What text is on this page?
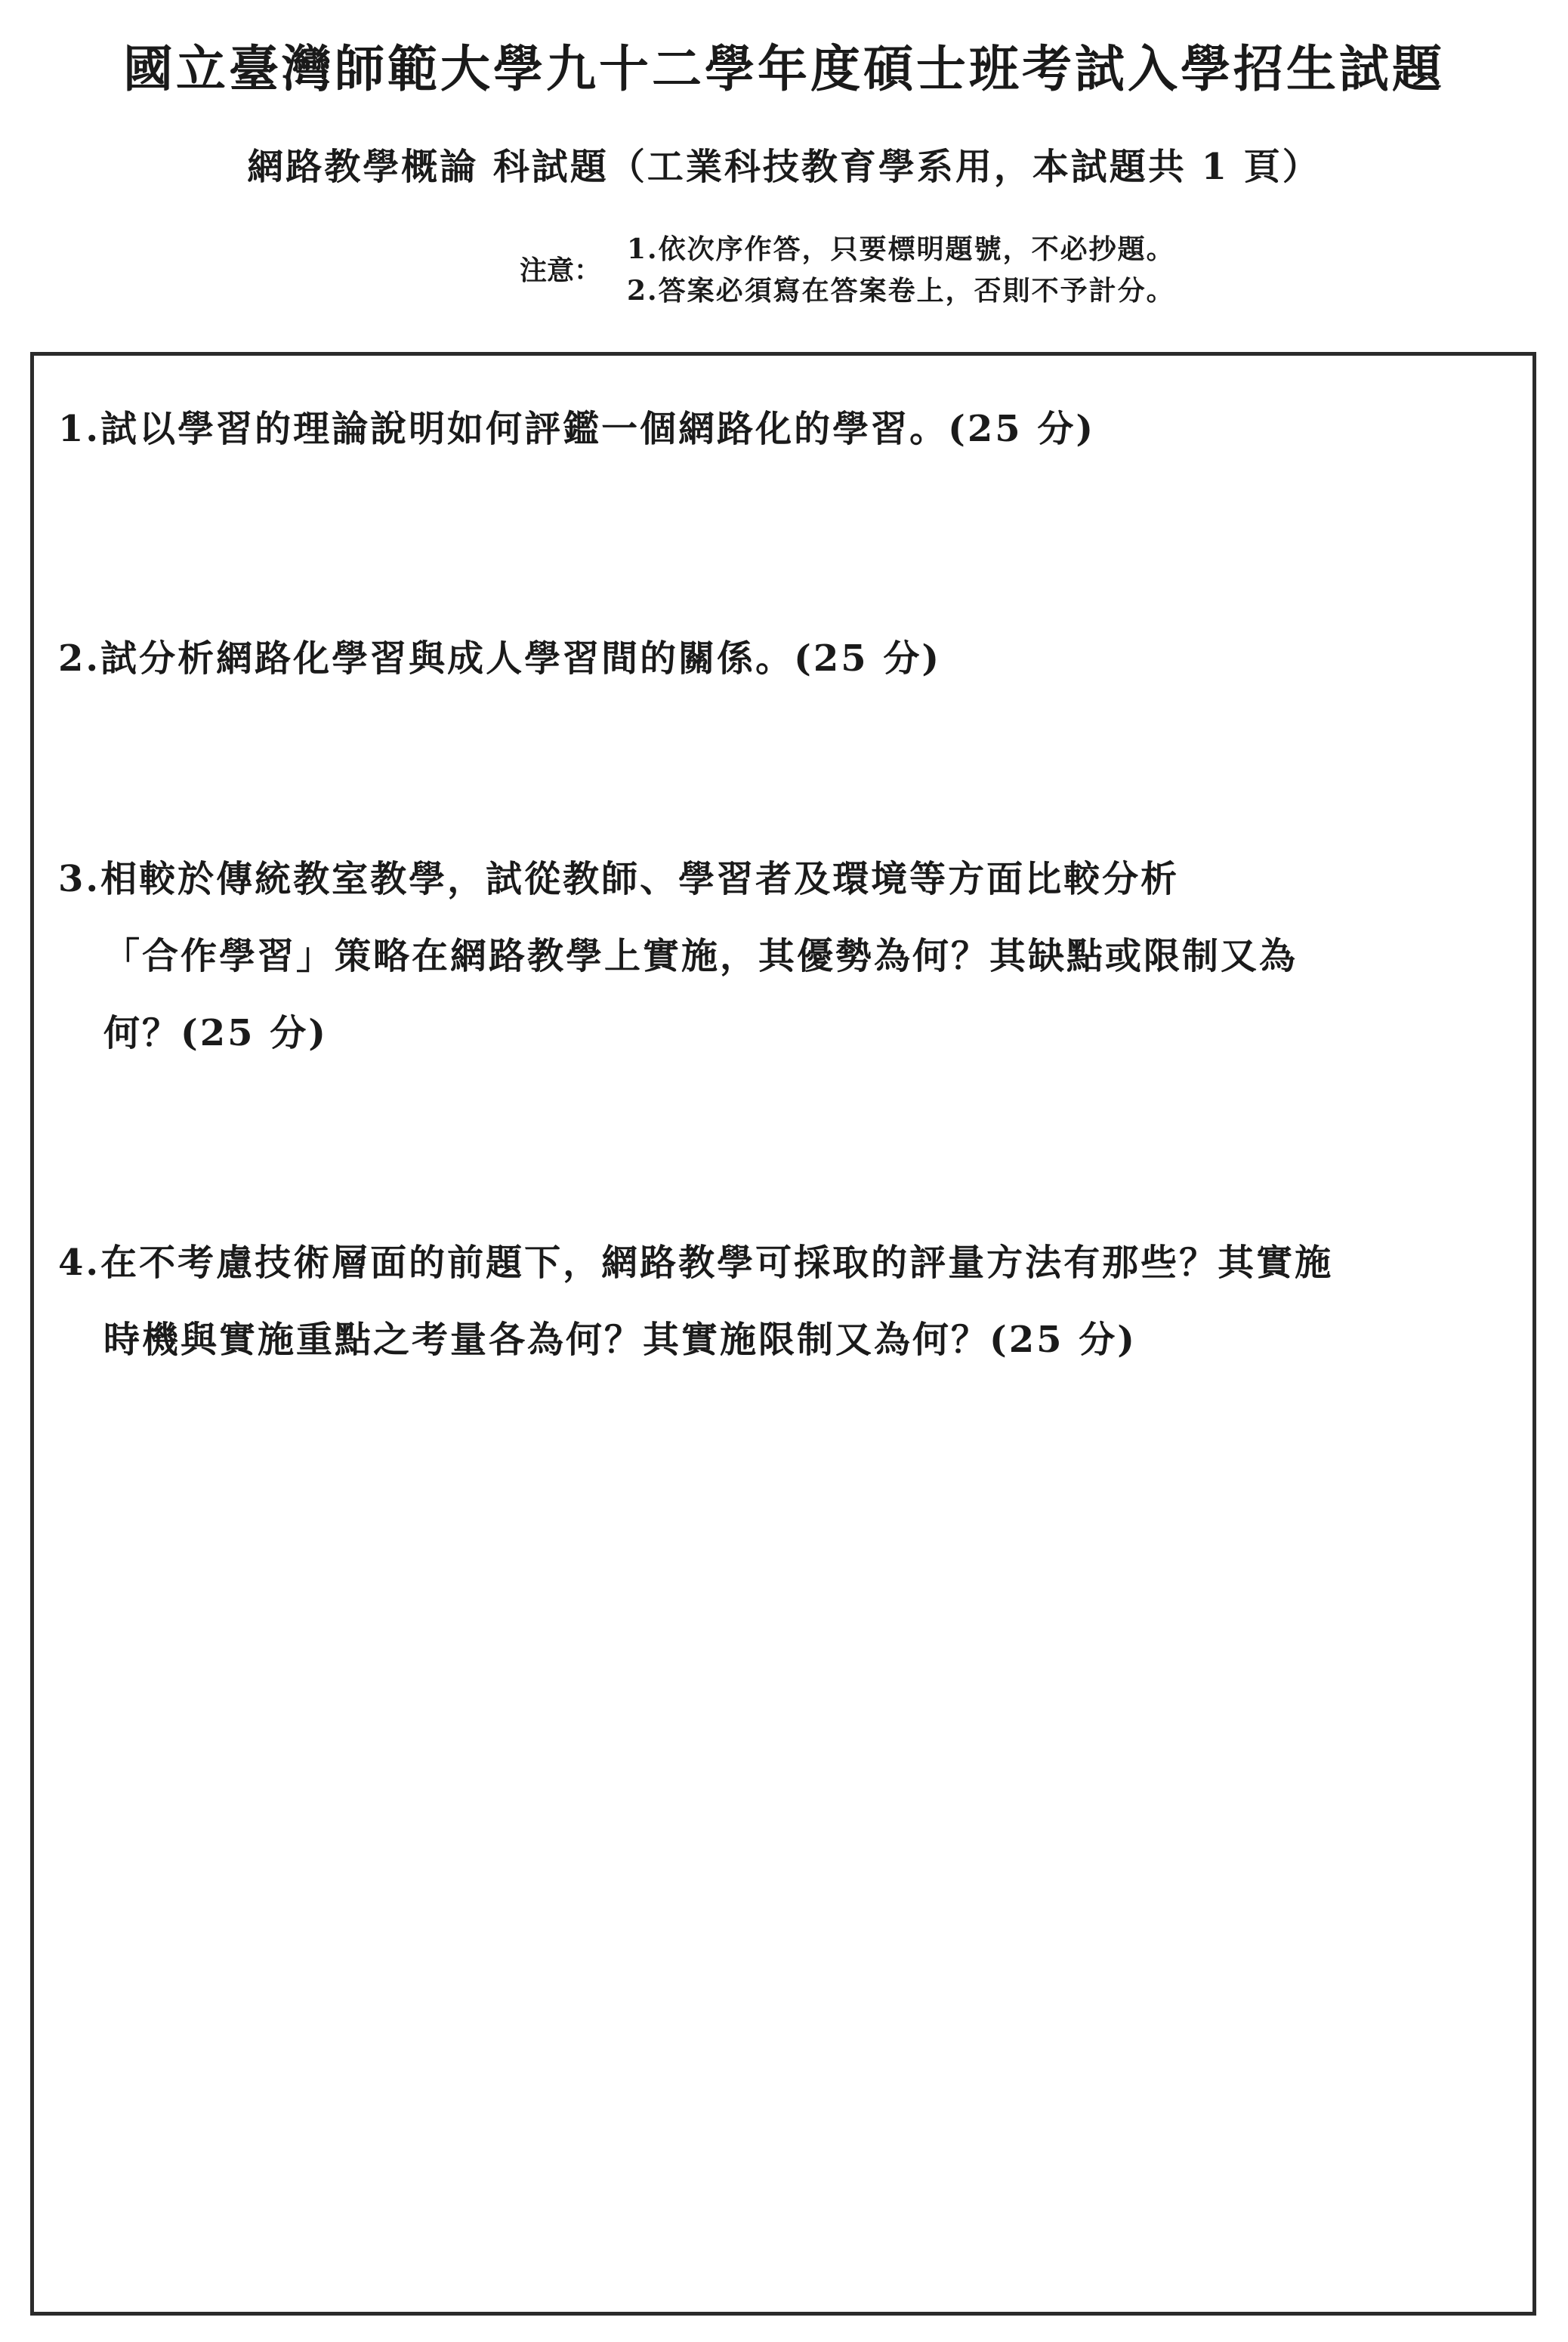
國立臺灣師範大學九十二學年度碩士班考試入學招生試題
網路教學概論 科試題（工業科技教育學系用，本試題共 1 頁）
注意：
1.依次序作答，只要標明題號，不必抄題。
2.答案必須寫在答案卷上，否則不予計分。
1.試以學習的理論說明如何評鑑一個網路化的學習。(25 分)
2.試分析網路化學習與成人學習間的關係。(25 分)
3.相較於傳統教室教學，試從教師、學習者及環境等方面比較分析
「合作學習」策略在網路教學上實施，其優勢為何？其缺點或限制又為
何？(25 分)
4.在不考慮技術層面的前題下，網路教學可採取的評量方法有那些？其實施
時機與實施重點之考量各為何？其實施限制又為何？(25 分)
